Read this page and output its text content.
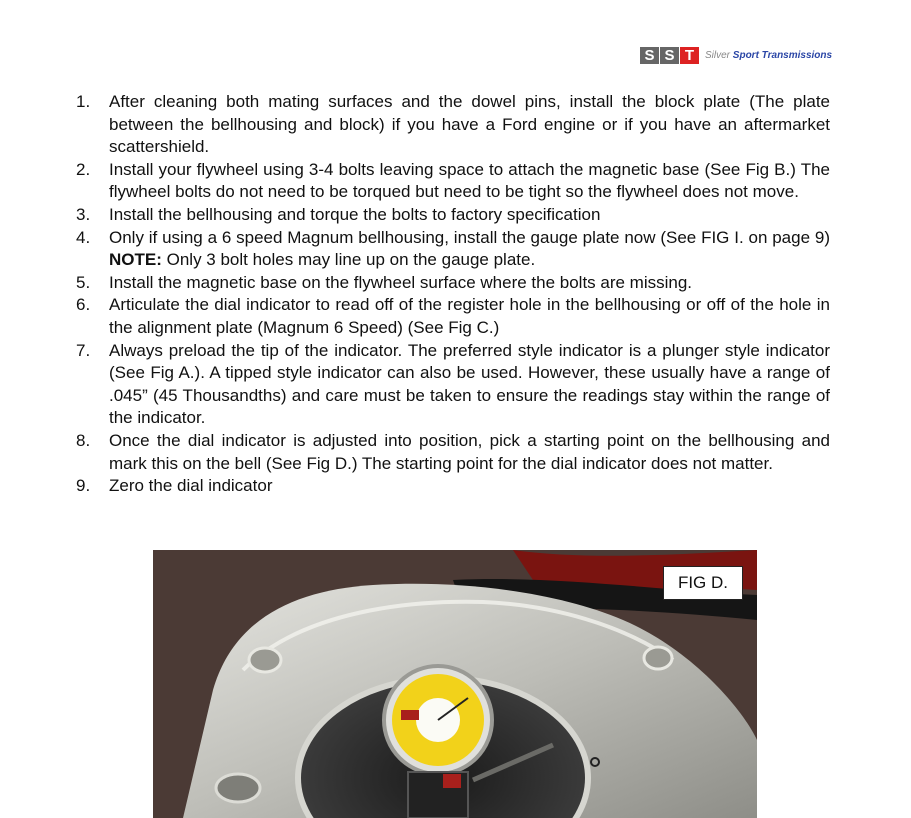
S S T	Silver Sport Transmissions
1.	After cleaning both mating surfaces and the dowel pins, install the block plate (The plate between the bellhousing and block) if you have a Ford engine or if you have an aftermarket scattershield.
2.	Install your flywheel using 3-4 bolts leaving space to attach the magnetic base (See Fig B.) The flywheel bolts do not need to be torqued but need to be tight so the flywheel does not move.
3.	Install the bellhousing and torque the bolts to factory specification
4.	Only if using a 6 speed Magnum bellhousing, install the gauge plate now (See FIG I. on page 9) NOTE: Only 3 bolt holes may line up on the gauge plate.
5.	Install the magnetic base on the flywheel surface where the bolts are missing.
6.	Articulate the dial indicator to read off of the register hole in the bellhousing or off of the hole in the alignment plate (Magnum 6 Speed) (See Fig C.)
7.	Always preload the tip of the indicator. The preferred style indicator is a plunger style indicator (See Fig A.). A tipped style indicator can also be used. However, these usually have a range of .045” (45 Thousandths) and care must be taken to ensure the readings stay within the range of the indicator.
8.	Once the dial indicator is adjusted into position, pick a starting point on the bellhousing and mark this on the bell (See Fig D.) The starting point for the dial indicator does not matter.
9.	Zero the dial indicator
FIG D.
